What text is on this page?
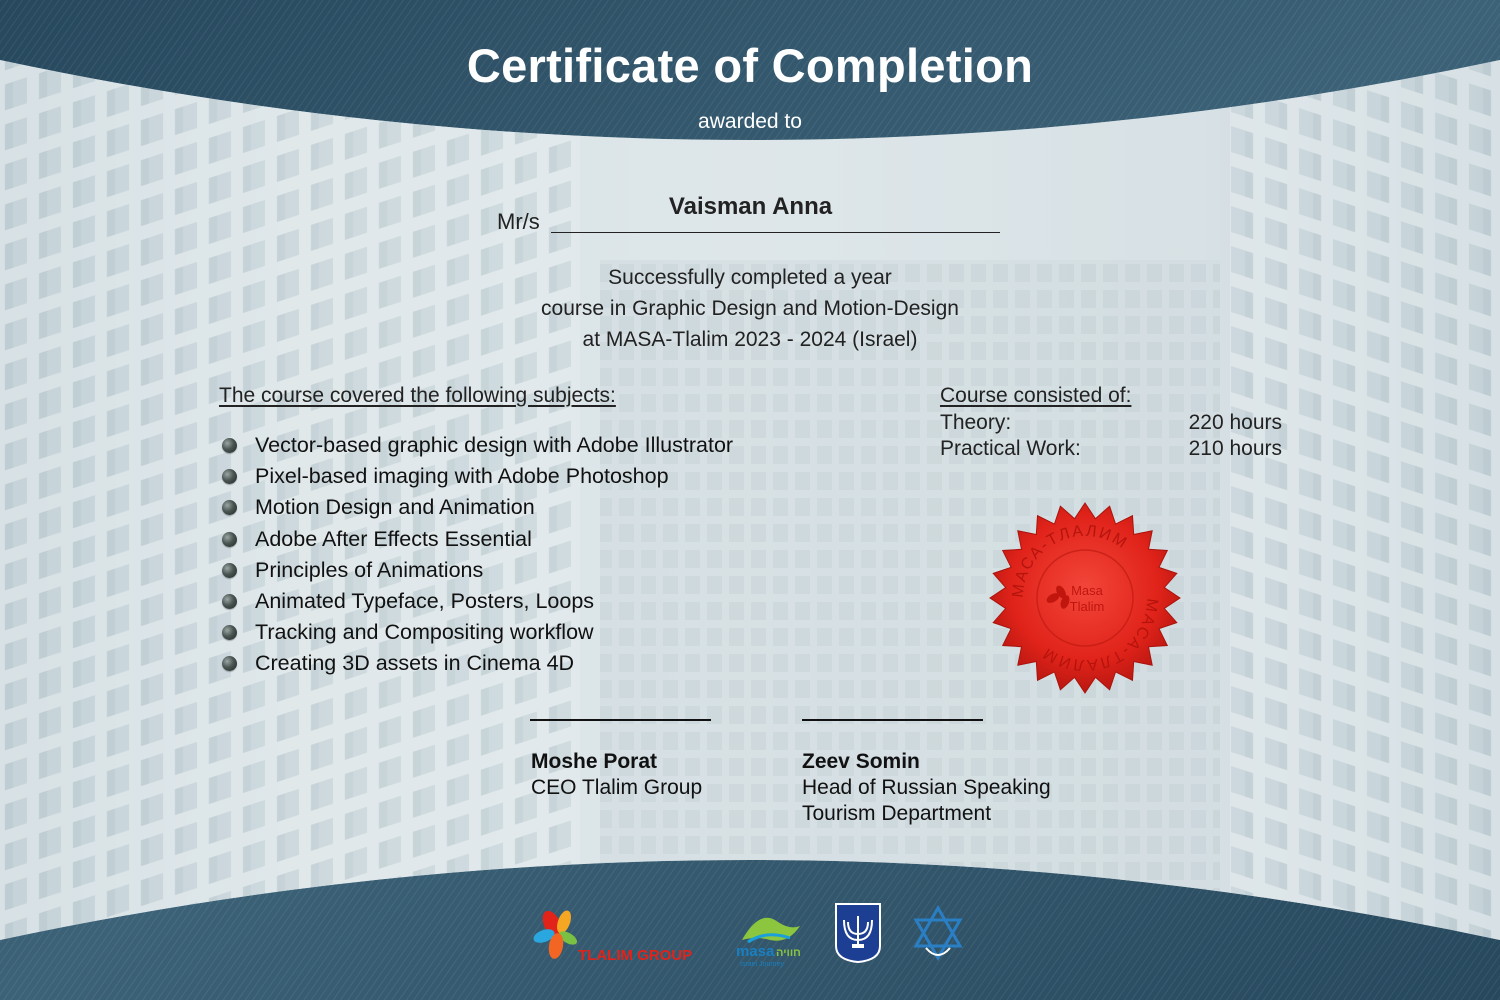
Certificate of Completion
awarded to
Mr/s
Vaisman Anna
Successfully completed a year
course in Graphic Design and Motion-Design
at MASA-Tlalim 2023 - 2024 (Israel)
The course covered the following subjects:
Vector-based graphic design with Adobe Illustrator
Pixel-based imaging with Adobe Photoshop
Motion Design and Animation
Adobe After Effects Essential
Principles of Animations
Animated Typeface, Posters, Loops
Tracking and Compositing workflow
Creating 3D assets in Cinema 4D
Course consisted of:
Theory:	220 hours
Practical Work:	210 hours
МАСА-ТЛАЛИМ
МАСА-ТЛАЛИМ
Masa
Tlalim
Moshe Porat
CEO Tlalim Group
Zeev Somin
Head of Russian Speaking
Tourism Department
TLALIM GROUP	masa חוויה
Israel Journey
